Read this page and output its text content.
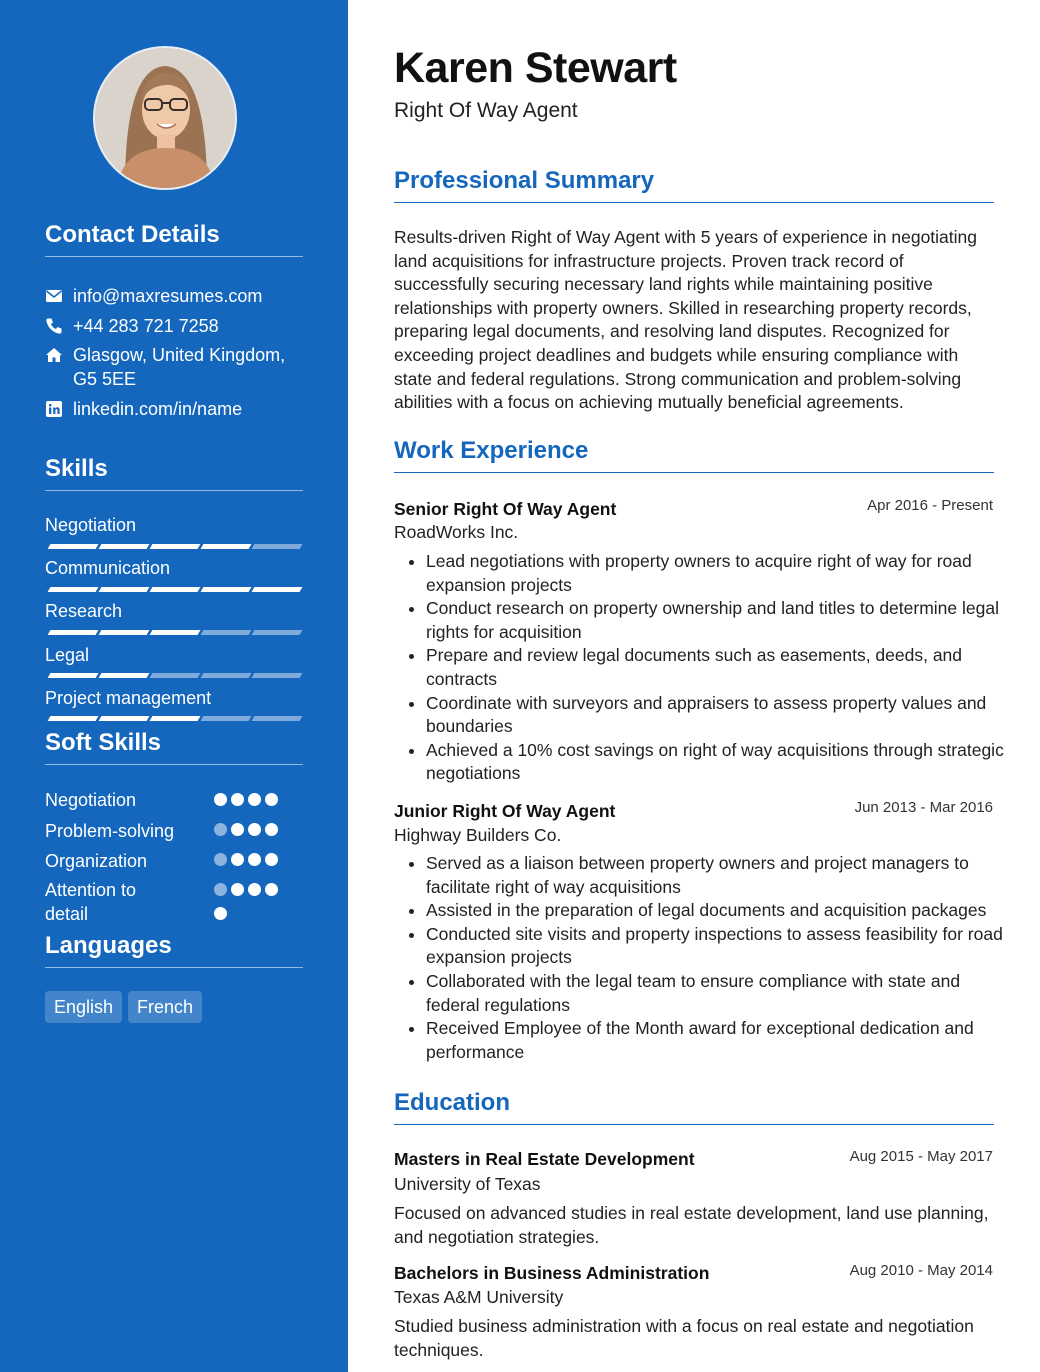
Contact Details
info@maxresumes.com
+44 283 721 7258
Glasgow, United Kingdom, G5 5EE
linkedin.com/in/name
Skills
Negotiation
Communication
Research
Legal
Project management
Soft Skills
Negotiation
Problem-solving
Organization
Attention to detail
Languages
English	French
Karen Stewart
Right Of Way Agent
Professional Summary
Results-driven Right of Way Agent with 5 years of experience in negotiating land acquisitions for infrastructure projects. Proven track record of successfully securing necessary land rights while maintaining positive relationships with property owners. Skilled in researching property records, preparing legal documents, and resolving land disputes. Recognized for exceeding project deadlines and budgets while ensuring compliance with state and federal regulations. Strong communication and problem-solving abilities with a focus on achieving mutually beneficial agreements.
Work Experience
Senior Right Of Way Agent	Apr 2016 - Present
RoadWorks Inc.
• Lead negotiations with property owners to acquire right of way for road expansion projects
• Conduct research on property ownership and land titles to determine legal rights for acquisition
• Prepare and review legal documents such as easements, deeds, and contracts
• Coordinate with surveyors and appraisers to assess property values and boundaries
• Achieved a 10% cost savings on right of way acquisitions through strategic negotiations
Junior Right Of Way Agent	Jun 2013 - Mar 2016
Highway Builders Co.
• Served as a liaison between property owners and project managers to facilitate right of way acquisitions
• Assisted in the preparation of legal documents and acquisition packages
• Conducted site visits and property inspections to assess feasibility for road expansion projects
• Collaborated with the legal team to ensure compliance with state and federal regulations
• Received Employee of the Month award for exceptional dedication and performance
Education
Masters in Real Estate Development	Aug 2015 - May 2017
University of Texas
Focused on advanced studies in real estate development, land use planning, and negotiation strategies.
Bachelors in Business Administration	Aug 2010 - May 2014
Texas A&M University
Studied business administration with a focus on real estate and negotiation techniques.
